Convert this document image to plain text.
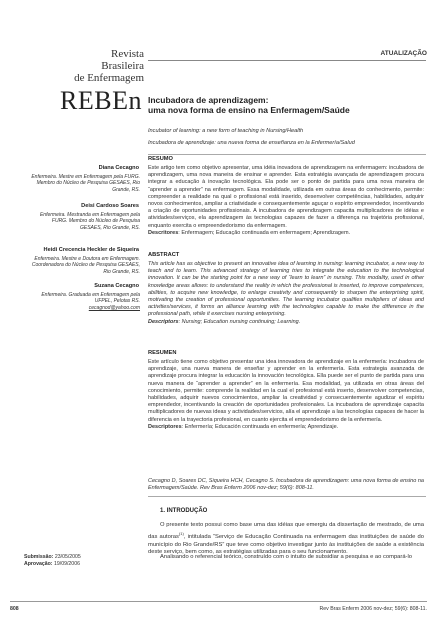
Revista
Brasileira
de Enfermagem
REBEn
ATUALIZAÇÃO
Incubadora de aprendizagem:
uma nova forma de ensino na Enfermagem/Saúde
Incubator of learning: a new form of teaching in Nursing/Health
Incubadora de aprendizaje: una nueva forma de enseñanza en la Enfermería/Salud
Diana Cecagno
Enfermeira. Mestre em Enfermagem pela FURG. Membro do Núcleo de Pesquisa GESAES, Rio Grande, RS.
Deisi Cardoso Soares
Enfermeira. Mestranda em Enfermagem pela FURG. Membro do Núcleo de Pesquisa GESAES, Rio Grande, RS.
Heidi Crecencia Heckler de Siqueira
Enfermeira. Mestre e Doutora em Enfermagem. Coordenadora do Núcleo de Pesquisa GESAES, Rio Grande, RS.
Suzana Cecagno
Enfermeira. Graduada em Enfermagem pela UFPEL, Pelotas RS.
cecagnod@yahoo.com
RESUMO
Este artigo tem como objetivo apresentar, uma idéia inovadora de aprendizagem na enfermagem: incubadora de aprendizagem, uma nova maneira de ensinar e aprender. Esta estratégia avançada de aprendizagem procura integrar a educação à inovação tecnológica. Ela pode ser o ponto de partida para uma nova maneira de “aprender a aprender” na enfermagem. Essa modalidade, utilizada em outras áreas do conhecimento, permite: compreender a realidade na qual o profissional está inserido, desenvolver competências, habilidades, adquirir novos conhecimentos, ampliar a criatividade e consequentemente aguçar o espírito empreendedor, incentivando a criação de oportunidades profissionais. A incubadora de aprendizagem capacita multiplicadores de idéias e atividades/serviços, ela aprendizagem às tecnologias capazes de fazer a diferença na trajetória profissional, enquanto exercita o empreendedorismo da enfermagem.
Descritores: Enfermagem; Educação continuada em enfermagem; Aprendizagem.
ABSTRACT
This article has as objective to present an innovative idea of learning in nursing: learning incubator, a new way to teach and to learn. This advanced strategy of learning tries to integrate the education to the technological innovation. It can be the starting point for a new way of “learn to learn” in nursing. This modality, used in other knowledge areas allows: to understand the reality in which the professional is inserted, to improve competences, abilities, to acquire new knowledge, to enlarge creativity and consequently to sharpen the enterprising spirit, motivating the creation of professional opportunities. The learning incubator qualifies multipliers of ideas and activities/services, it forms an alliance learning with the technologies capable to make the difference in the professional path, while it exercises nursing enterprising.
Descriptors: Nursing; Education nursing continuing; Learning.
RESUMEN
Este artículo tiene como objetivo presentar una idea innovadora de aprendizaje en la enfermería: incubadora de aprendizaje, una nueva manera de enseñar y aprender en la enfermería. Esta estrategia avanzada de aprendizaje procura integrar la educación la innovación tecnológica. Ella puede ser el punto de partida para una nueva manera de “aprender a aprender” en la enfermería. Esa modalidad, ya utilizada en otras áreas del conocimiento, permite: comprende la realidad en la cual el profesional está inserto, desenvolver competencias, habilidades, adquirir nuevos conocimientos, ampliar la creatividad y consecuentemente agudizar el espíritu emprendedor, incentivando la creación de oportunidades profesionales. La incubadora de aprendizaje capacita multiplicadores de nuevas ideas y actividades/servicios, alía el aprendizaje a las tecnologías capaces de hacer la diferencia en la trayectoria profesional, en cuanto ejercita el emprendedorismo de la enfermería.
Descriptores: Enfermería; Educación continuada en enfermería; Aprendizaje.
Cecagno D, Soares DC, Siqueira HCH, Cecagno S. Incubadora de aprendizagem: uma nova forma de ensino na Enfermagem/Saúde. Rev Bras Enferm 2006 nov-dez; 59(6): 808-11.
1. INTRODUÇÃO
O presente texto possui como base uma das idéias que emergiu da dissertação de mestrado, de uma das autoras$^{(1)}$, intitulada “Serviço de Educação Continuada na enfermagem das instituições de saúde do município do Rio Grande/RS” que teve como objetivo investigar junto às instituições de saúde a existência deste serviço, bem como, as estratégias utilizadas para o seu funcionamento.
Analisando o referencial teórico, construído com o intuito de subsidiar a pesquisa e ao compará-lo
Submissão: 23/05/2005
Aprovação: 19/09/2006
808	Rev Bras Enferm 2006 nov-dez; 59(6): 808-11.
